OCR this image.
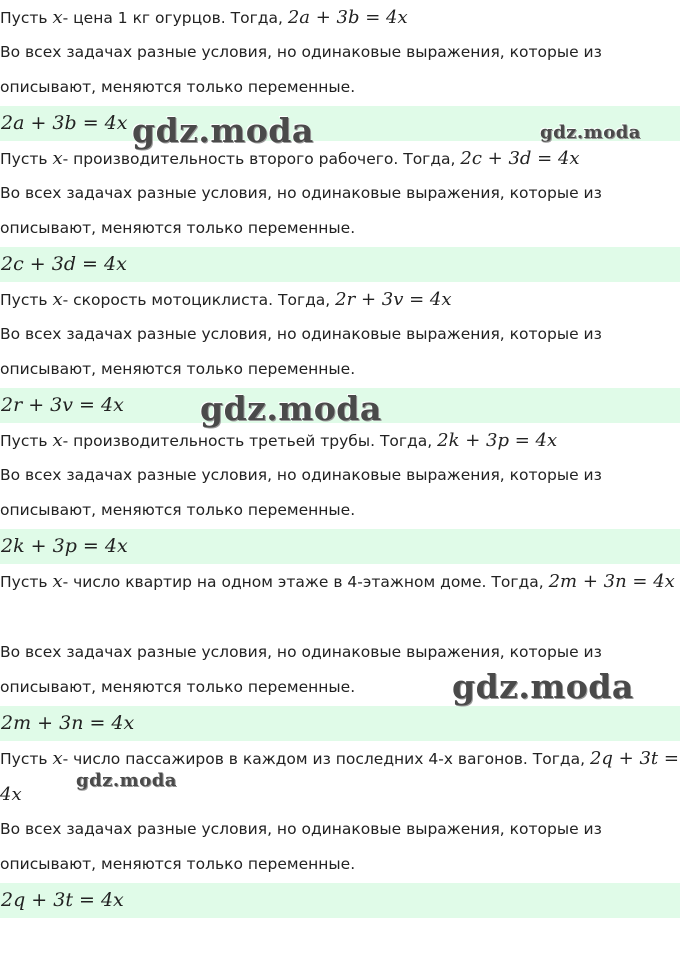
Пусть x- цена 1 кг огурцов. Тогда, 2a + 3b = 4x
Во всех задачах разные условия, но одинаковые выражения, которые из
описывают, меняются только переменные.
2a + 3b = 4x
Пусть x- производительность второго рабочего. Тогда, 2c + 3d = 4x
Во всех задачах разные условия, но одинаковые выражения, которые из
описывают, меняются только переменные.
2c + 3d = 4x
Пусть x- скорость мотоциклиста. Тогда, 2r + 3v = 4x
Во всех задачах разные условия, но одинаковые выражения, которые из
описывают, меняются только переменные.
2r + 3v = 4x
Пусть x- производительность третьей трубы. Тогда, 2k + 3p = 4x
Во всех задачах разные условия, но одинаковые выражения, которые из
описывают, меняются только переменные.
2k + 3p = 4x
Пусть x- число квартир на одном этаже в 4-этажном доме. Тогда, 2m + 3n = 4x
Во всех задачах разные условия, но одинаковые выражения, которые из
описывают, меняются только переменные.
2m + 3n = 4x
Пусть x- число пассажиров в каждом из последних 4-х вагонов. Тогда, 2q + 3t = 4x
Во всех задачах разные условия, но одинаковые выражения, которые из
описывают, меняются только переменные.
2q + 3t = 4x
gdz.moda	gdz.moda
gdz.moda
gdz.moda
gdz.moda
